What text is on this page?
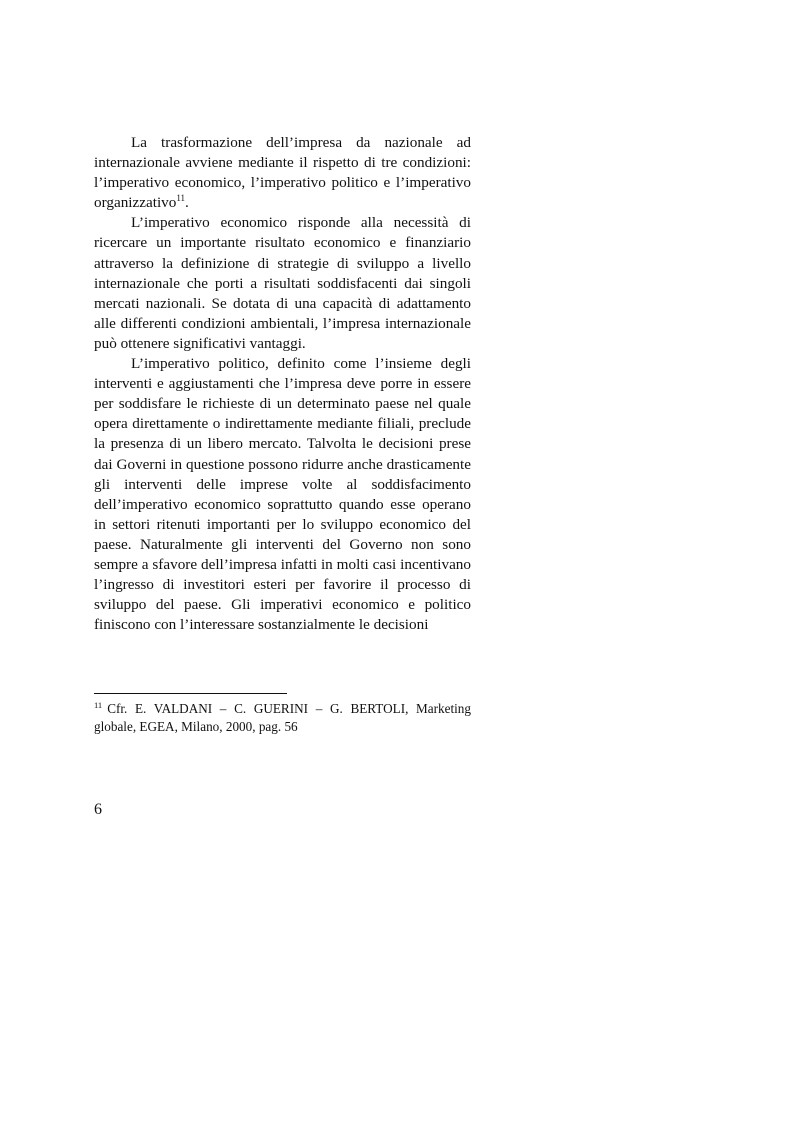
La trasformazione dell’impresa da nazionale ad internazionale avviene mediante il rispetto di tre condizioni: l’imperativo economico, l’imperativo politico e l’imperativo organizzativo$^{11}$.

L’imperativo economico risponde alla necessità di ricercare un importante risultato economico e finanziario attraverso la definizione di strategie di sviluppo a livello internazionale che porti a risultati soddisfacenti dai singoli mercati nazionali. Se dotata di una capacità di adattamento alle differenti condizioni ambientali, l’impresa internazionale può ottenere significativi vantaggi.

L’imperativo politico, definito come l’insieme degli interventi e aggiustamenti che l’impresa deve porre in essere per soddisfare le richieste di un determinato paese nel quale opera direttamente o indirettamente mediante filiali, preclude la presenza di un libero mercato. Talvolta le decisioni prese dai Governi in questione possono ridurre anche drasticamente gli interventi delle imprese volte al soddisfacimento dell’imperativo economico soprattutto quando esse operano in settori ritenuti importanti per lo sviluppo economico del paese. Naturalmente gli interventi del Governo non sono sempre a sfavore dell’impresa infatti in molti casi incentivano l’ingresso di investitori esteri per favorire il processo di sviluppo del paese. Gli imperativi economico e politico finiscono con l’interessare sostanzialmente le decisioni

$^{11}$ Cfr. E. VALDANI – C. GUERINI – G. BERTOLI, Marketing globale, EGEA, Milano, 2000, pag. 56
6
